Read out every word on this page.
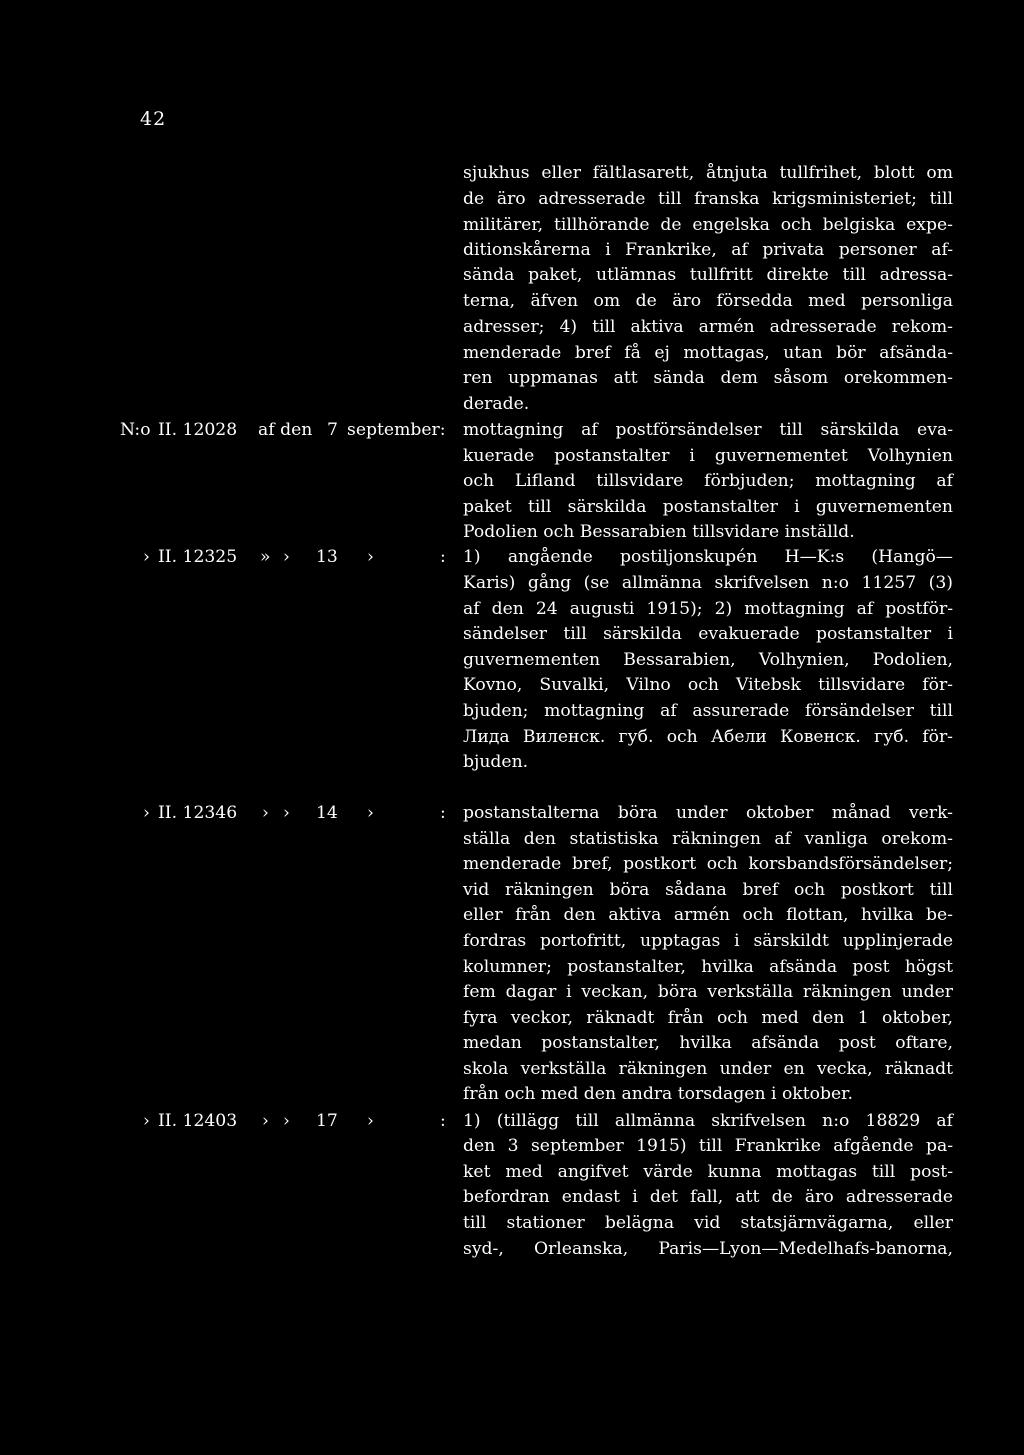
42
sjukhus eller fältlasarett, åtnjuta tullfrihet, blott om
de äro adresserade till franska krigsministeriet; till
militärer, tillhörande de engelska och belgiska expe-
ditionskårerna i Frankrike, af privata personer af-
sända paket, utlämnas tullfritt direkte till adressa-
terna, äfven om de äro försedda med personliga
adresser; 4) till aktiva armén adresserade rekom-
menderade bref få ej mottagas, utan bör afsända-
ren uppmanas att sända dem såsom orekommen-
derade.
N:o II. 12028 af den 7 september: mottagning af postförsändelser till särskilda eva-
kuerade postanstalter i guvernementet Volhynien
och Lifland tillsvidare förbjuden; mottagning af
paket till särskilda postanstalter i guvernementen
Podolien och Bessarabien tillsvidare inställd.
› II. 12325 » › 13 ›	: 1) angående postiljonskupén H—K:s (Hangö—
Karis) gång (se allmänna skrifvelsen n:o 11257 (3)
af den 24 augusti 1915); 2) mottagning af postför-
sändelser till särskilda evakuerade postanstalter i
guvernementen Bessarabien, Volhynien, Podolien,
Kovno, Suvalki, Vilno och Vitebsk tillsvidare för-
bjuden; mottagning af assurerade försändelser till
Лида Виленск. губ. och Абели Ковенск. губ. för-
bjuden.
› II. 12346 › › 14 ›	: postanstalterna böra under oktober månad verk-
ställa den statistiska räkningen af vanliga orekom-
menderade bref, postkort och korsbandsförsändelser;
vid räkningen böra sådana bref och postkort till
eller från den aktiva armén och flottan, hvilka be-
fordras portofritt, upptagas i särskildt upplinjerade
kolumner; postanstalter, hvilka afsända post högst
fem dagar i veckan, böra verkställa räkningen under
fyra veckor, räknadt från och med den 1 oktober,
medan postanstalter, hvilka afsända post oftare,
skola verkställa räkningen under en vecka, räknadt
från och med den andra torsdagen i oktober.
› II. 12403 › › 17 ›	: 1) (tillägg till allmänna skrifvelsen n:o 18829 af
den 3 september 1915) till Frankrike afgående pa-
ket med angifvet värde kunna mottagas till post-
befordran endast i det fall, att de äro adresserade
till stationer belägna vid statsjärnvägarna, eller
syd-, Orleanska, Paris—Lyon—Medelhafs-banorna,
